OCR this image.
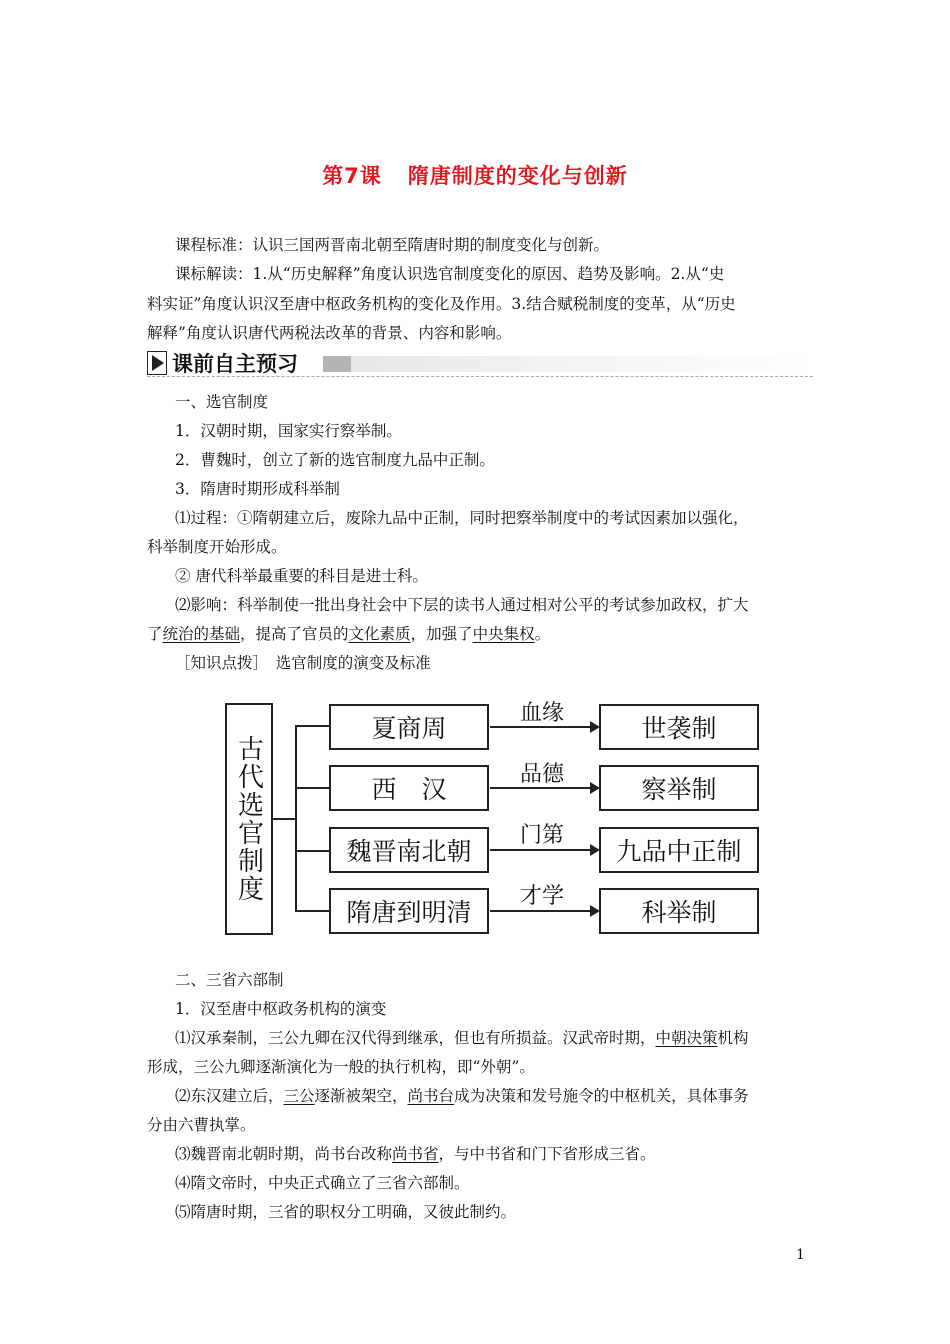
第7课 隋唐制度的变化与创新
课程标准：认识三国两晋南北朝至隋唐时期的制度变化与创新。
课标解读：1.从“历史解释”角度认识选官制度变化的原因、趋势及影响。2.从“史
料实证”角度认识汉至唐中枢政务机构的变化及作用。3.结合赋税制度的变革，从“历史
解释”角度认识唐代两税法改革的背景、内容和影响。
课前自主预习
一、选官制度
1．汉朝时期，国家实行察举制。
2．曹魏时，创立了新的选官制度九品中正制。
3．隋唐时期形成科举制
⑴过程：①隋朝建立后，废除九品中正制，同时把察举制度中的考试因素加以强化，
科举制度开始形成。
② 唐代科举最重要的科目是进士科。
⑵影响：科举制使一批出身社会中下层的读书人通过相对公平的考试参加政权，扩大
了统治的基础，提高了官员的文化素质，加强了中央集权。
［知识点拨］　选官制度的演变及标准
古代选官制度
夏商周
血缘
世袭制
西　汉
品德
察举制
魏晋南北朝
门第
九品中正制
隋唐到明清
才学
科举制
二、三省六部制
1．汉至唐中枢政务机构的演变
⑴汉承秦制，三公九卿在汉代得到继承，但也有所损益。汉武帝时期，中朝决策机构
形成，三公九卿逐渐演化为一般的执行机构，即“外朝”。
⑵东汉建立后，三公逐渐被架空，尚书台成为决策和发号施令的中枢机关，具体事务
分由六曹执掌。
⑶魏晋南北朝时期，尚书台改称尚书省，与中书省和门下省形成三省。
⑷隋文帝时，中央正式确立了三省六部制。
⑸隋唐时期，三省的职权分工明确，又彼此制约。
1
